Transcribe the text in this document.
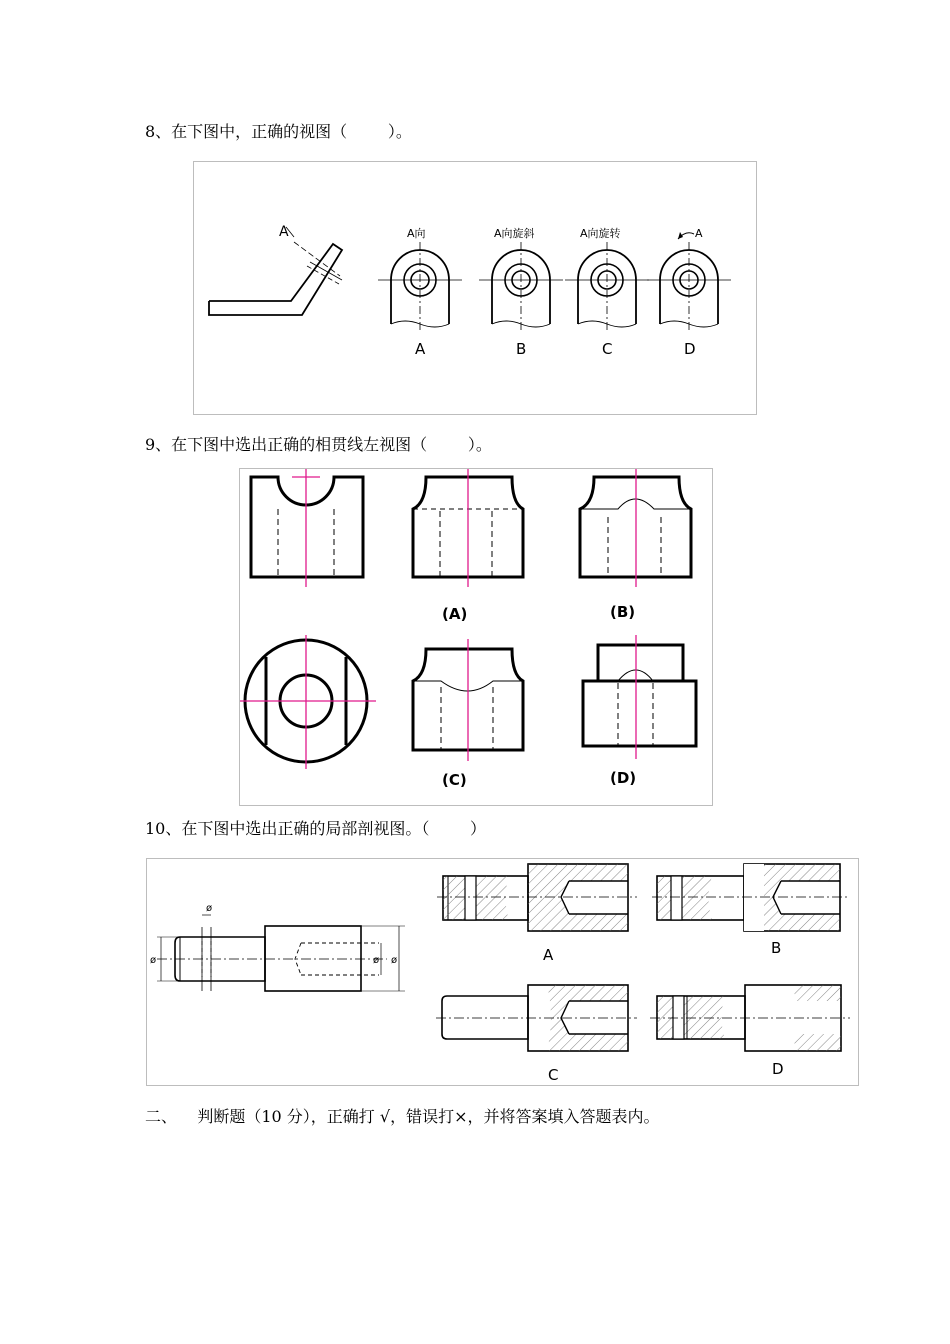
8、在下图中，正确的视图（        ）。
A	A向	A向旋斜	A向旋转	A
A	B	C	D
9、在下图中选出正确的相贯线左视图（        ）。
(A)	(B)
(C)	(D)
10、在下图中选出正确的局部剖视图。（        ）
ø
ø	ø ø	A	B
C	D
二、    判断题（10 分），正确打 √，错误打×，并将答案填入答题表内。
